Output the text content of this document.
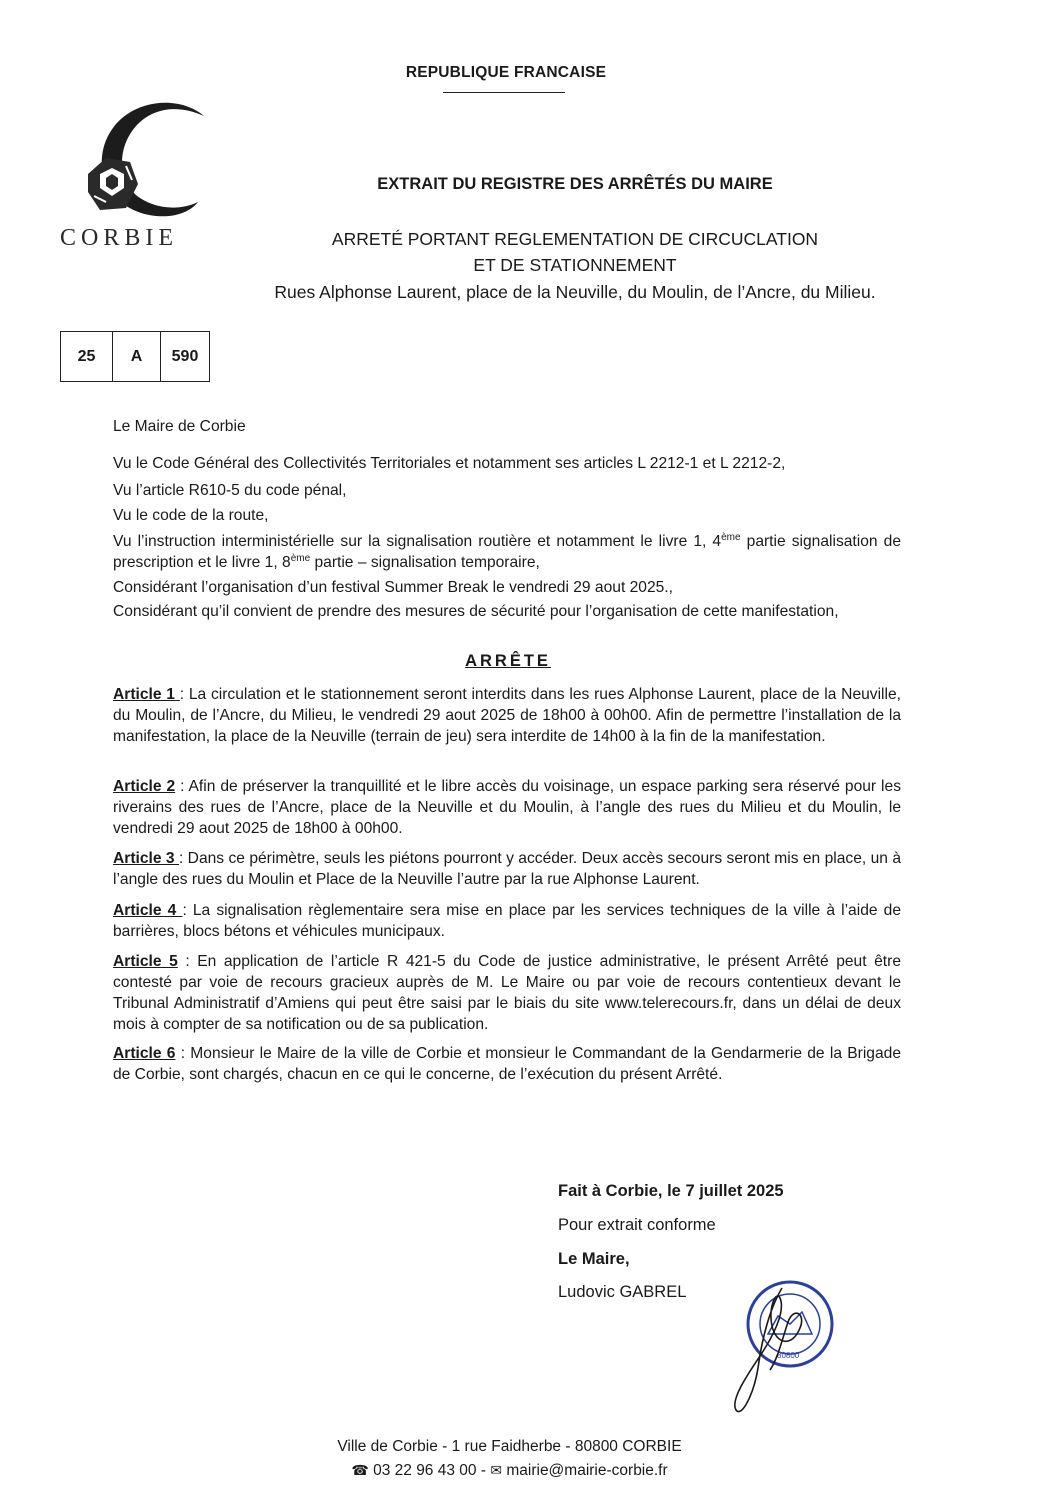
REPUBLIQUE FRANCAISE
CORBIE
EXTRAIT DU REGISTRE DES ARRÊTÉS DU MAIRE
ARRETÉ PORTANT REGLEMENTATION DE CIRCUCLATION
ET DE STATIONNEMENT
Rues Alphonse Laurent, place de la Neuville, du Moulin, de l’Ancre, du Milieu.
25	A	590
Le Maire de Corbie
Vu le Code Général des Collectivités Territoriales et notamment ses articles L 2212-1 et L 2212-2,
Vu l’article R610-5 du code pénal,
Vu le code de la route,
Vu l’instruction interministérielle sur la signalisation routière et notamment le livre 1, 4ème partie signalisation de prescription et le livre 1, 8ème partie – signalisation temporaire,
Considérant l’organisation d’un festival Summer Break le vendredi 29 aout 2025.,
Considérant qu’il convient de prendre des mesures de sécurité pour l’organisation de cette manifestation,
ARRÊTE
Article 1 : La circulation et le stationnement seront interdits dans les rues Alphonse Laurent, place de la Neuville, du Moulin, de l’Ancre, du Milieu, le vendredi 29 aout 2025 de 18h00 à 00h00. Afin de permettre l’installation de la manifestation, la place de la Neuville (terrain de jeu) sera interdite de 14h00 à la fin de la manifestation.
Article 2 : Afin de préserver la tranquillité et le libre accès du voisinage, un espace parking sera réservé pour les riverains des rues de l’Ancre, place de la Neuville et du Moulin, à l’angle des rues du Milieu et du Moulin, le vendredi 29 aout 2025 de 18h00 à 00h00.
Article 3 : Dans ce périmètre, seuls les piétons pourront y accéder. Deux accès secours seront mis en place, un à l’angle des rues du Moulin et Place de la Neuville l’autre par la rue Alphonse Laurent.
Article 4 : La signalisation règlementaire sera mise en place par les services techniques de la ville à l’aide de barrières, blocs bétons et véhicules municipaux.
Article 5 : En application de l’article R 421-5 du Code de justice administrative, le présent Arrêté peut être contesté par voie de recours gracieux auprès de M. Le Maire ou par voie de recours contentieux devant le Tribunal Administratif d’Amiens qui peut être saisi par le biais du site www.telerecours.fr, dans un délai de deux mois à compter de sa notification ou de sa publication.
Article 6 : Monsieur le Maire de la ville de Corbie et monsieur le Commandant de la Gendarmerie de la Brigade de Corbie, sont chargés, chacun en ce qui le concerne, de l’exécution du présent Arrêté.
Fait à Corbie, le 7 juillet 2025
Pour extrait conforme
Le Maire,
Ludovic GABREL
80800
Ville de Corbie - 1 rue Faidherbe - 80800 CORBIE
☎ 03 22 96 43 00 - ✉ mairie@mairie-corbie.fr
